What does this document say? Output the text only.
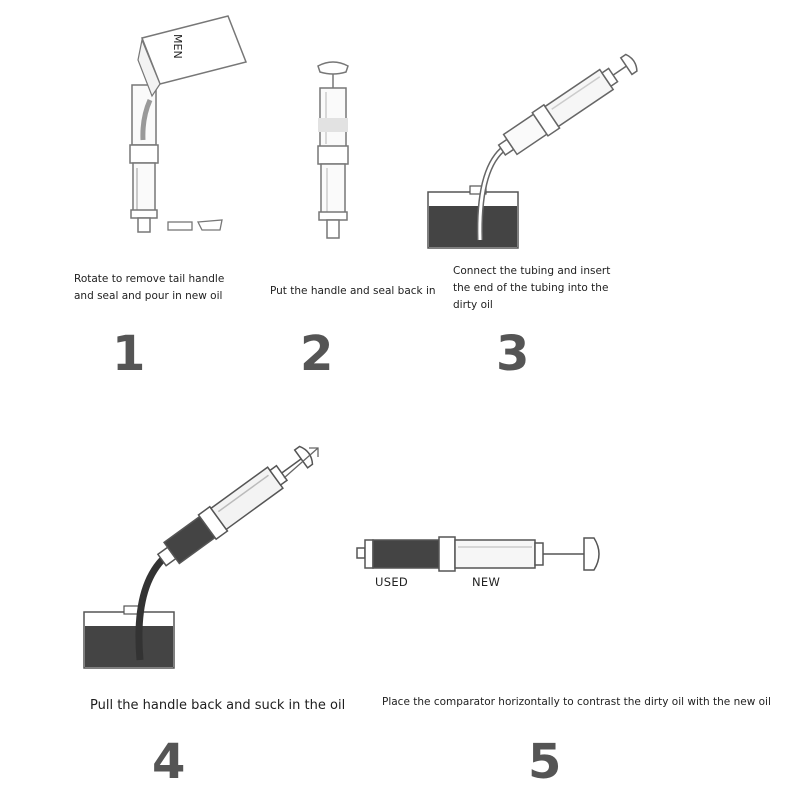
MEN

Rotate to remove tail handle
and seal and pour in new oil	Put the handle and seal back in

Connect the tubing and insert
the end of the tubing into the
dirty oil

Pull the handle back and suck in the oil	Place the comparator horizontally to contrast the dirty oil with the new oil

USED	NEW
1	2	3
4	5
